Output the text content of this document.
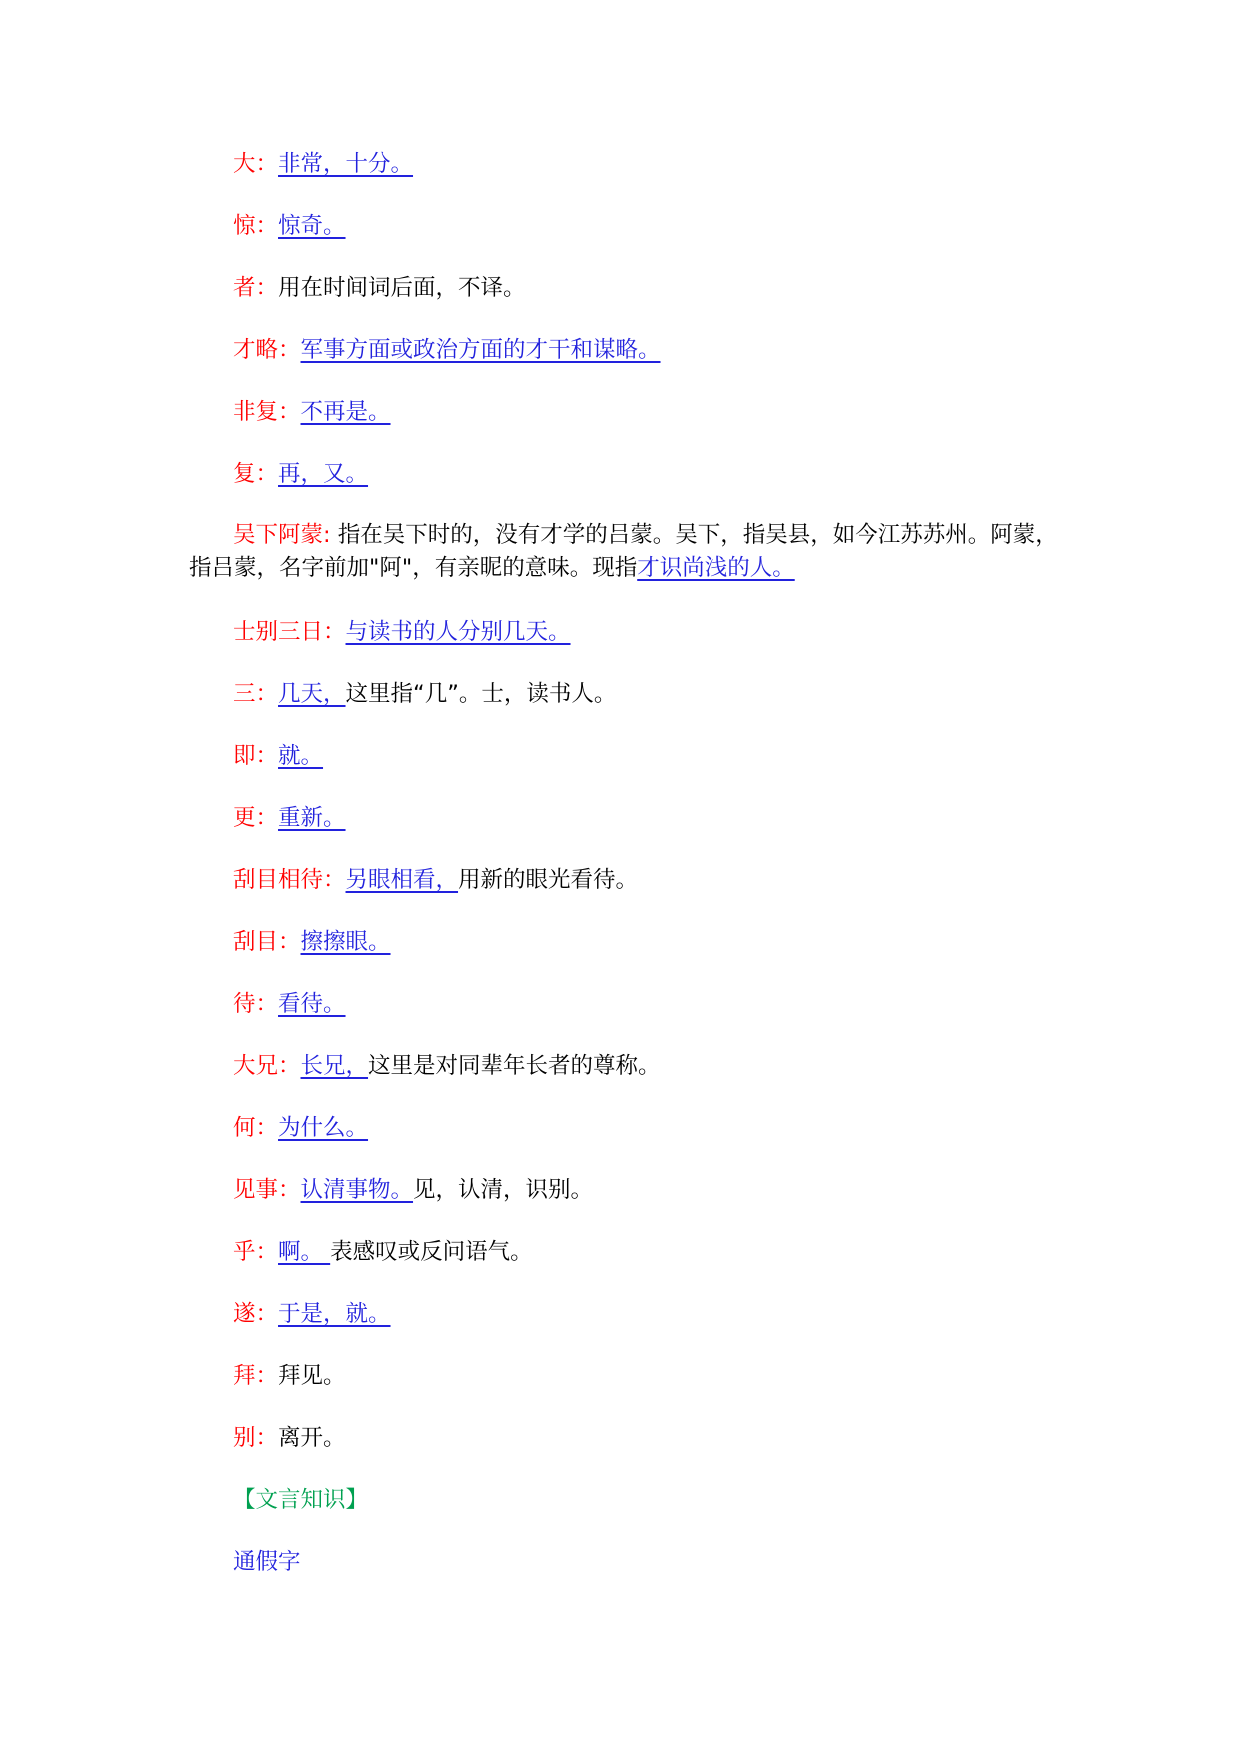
大：非常，十分。
惊：惊奇。
者：用在时间词后面，不译。
才略：军事方面或政治方面的才干和谋略。
非复：不再是。
复：再，又。
吴下阿蒙: 指在吴下时的，没有才学的吕蒙。吴下，指吴县，如今江苏苏州。阿蒙，指吕蒙，名字前加"阿"，有亲昵的意味。现指才识尚浅的人。
士别三日：与读书的人分别几天。
三：几天，这里指“几”。士，读书人。
即：就。
更：重新。
刮目相待：另眼相看，用新的眼光看待。
刮目：擦擦眼。
待：看待。
大兄：长兄，这里是对同辈年长者的尊称。
何：为什么。
见事：认清事物。见，认清，识别。
乎：啊。 表感叹或反问语气。
遂：于是，就。
拜：拜见。
别：离开。
【文言知识】
通假字
